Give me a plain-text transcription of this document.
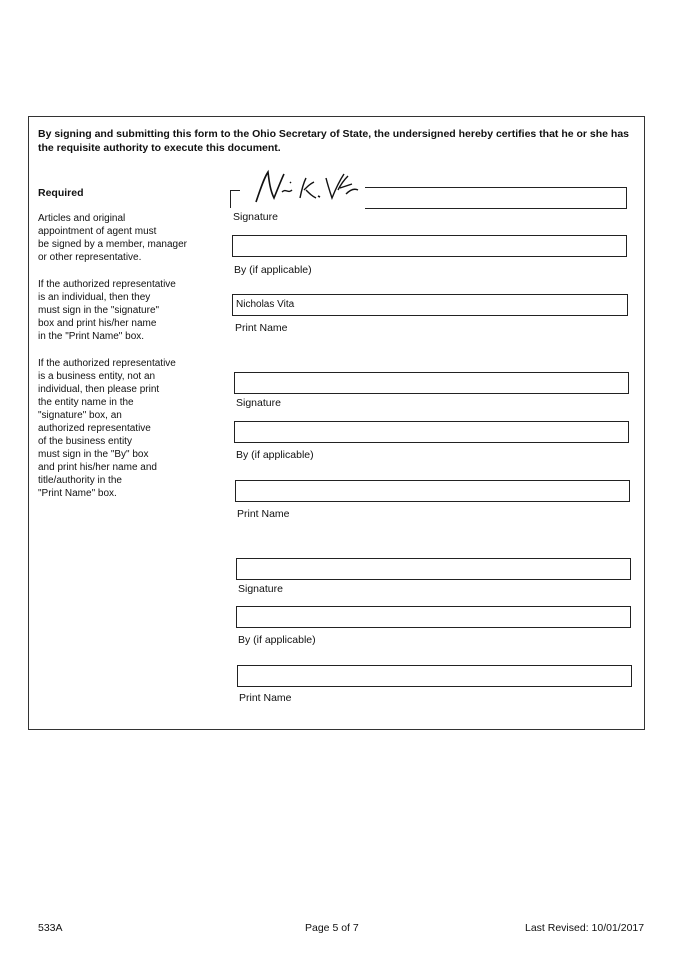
By signing and submitting this form to the Ohio Secretary of State, the undersigned hereby certifies that he or she has the requisite authority to execute this document.
Required
Articles and original
appointment of agent must
be signed by a member, manager
or other representative.
If the authorized representative
is an individual, then they
must sign in the "signature"
box and print his/her name
in the "Print Name" box.
If the authorized representative
is a business entity, not an
individual, then please print
the entity name in the
"signature" box, an
authorized representative
of the business entity
must sign in the "By" box
and print his/her name and
title/authority in the
"Print Name" box.
Signature
By (if applicable)
Nicholas Vita
Print Name
Signature
By (if applicable)
Print Name
Signature
By (if applicable)
Print Name
533A	Page 5 of 7	Last Revised: 10/01/2017
